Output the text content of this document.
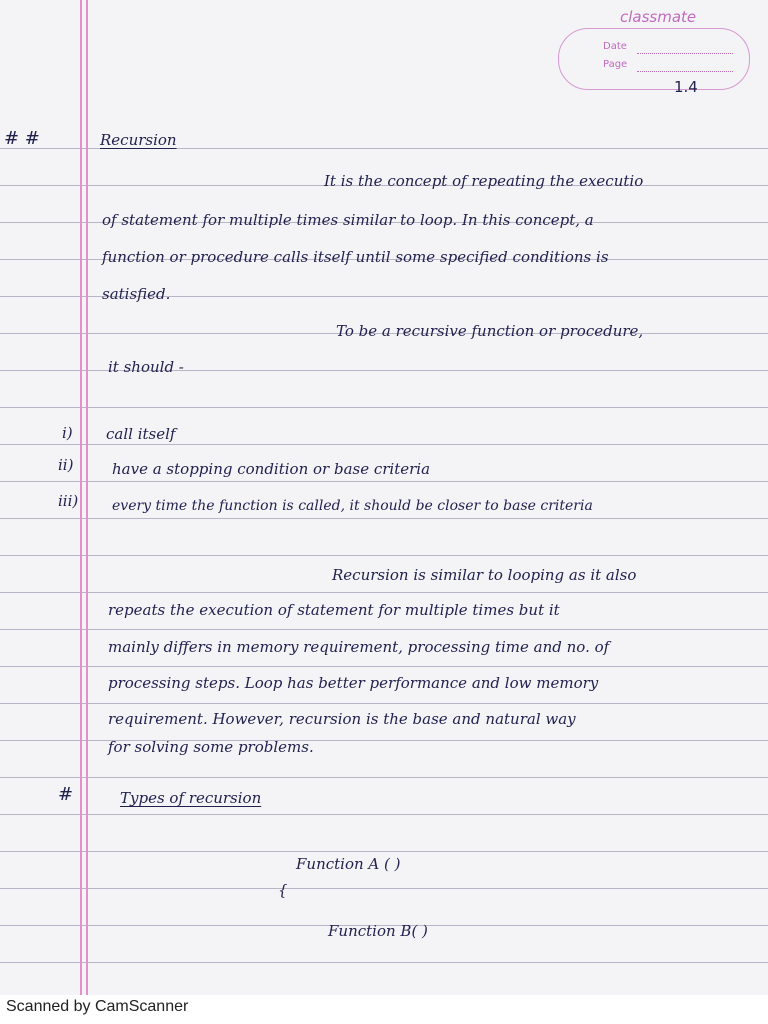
classmate
Date
Page
1.4
# #	Recursion
It is the concept of repeating the executio
of statement for multiple times similar to loop. In this concept, a
function or procedure calls itself until some specified conditions is
satisfied.
To be a recursive function or procedure,
it should -
i) call itself
ii)	have a stopping condition or base criteria
iii) every time the function is called, it should be closer to base criteria
Recursion is similar to looping as it also
repeats the execution of statement for multiple times but it
mainly differs in memory requirement, processing time and no. of
processing steps. Loop has better performance and low memory
requirement. However, recursion is the base and natural way
for solving some problems.
#	Types of recursion
Function A ( )
{
Function B( )
Scanned by CamScanner
